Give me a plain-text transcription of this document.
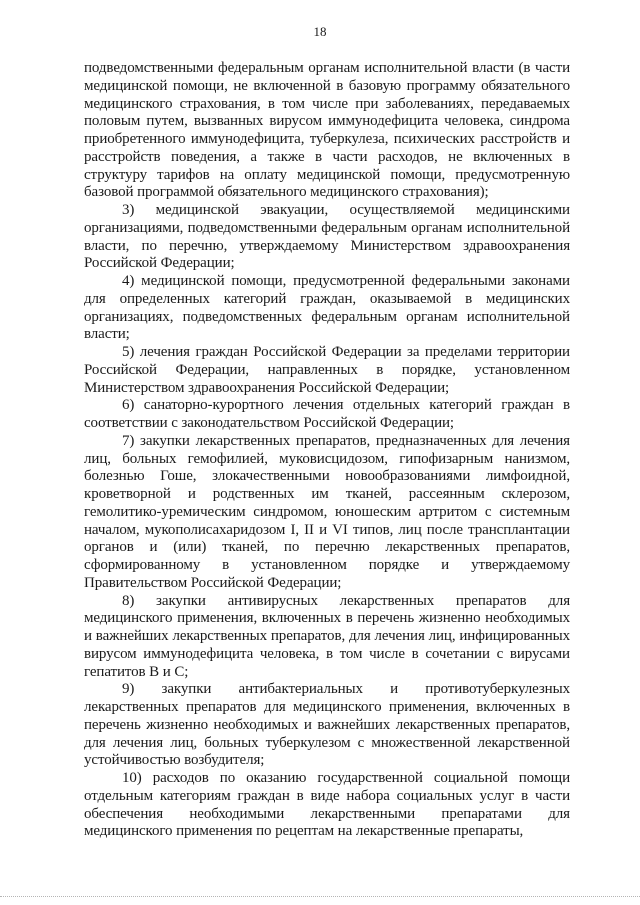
18

подведомственными федеральным органам исполнительной власти (в части медицинской помощи, не включенной в базовую программу обязательного медицинского страхования, в том числе при заболеваниях, передаваемых половым путем, вызванных вирусом иммунодефицита человека, синдрома приобретенного иммунодефицита, туберкулеза, психических расстройств и расстройств поведения, а также в части расходов, не включенных в структуру тарифов на оплату медицинской помощи, предусмотренную базовой программой обязательного медицинского страхования);

3) медицинской эвакуации, осуществляемой медицинскими организациями, подведомственными федеральным органам исполнительной власти, по перечню, утверждаемому Министерством здравоохранения Российской Федерации;

4) медицинской помощи, предусмотренной федеральными законами для определенных категорий граждан, оказываемой в медицинских организациях, подведомственных федеральным органам исполнительной власти;

5) лечения граждан Российской Федерации за пределами территории Российской Федерации, направленных в порядке, установленном Министерством здравоохранения Российской Федерации;

6) санаторно-курортного лечения отдельных категорий граждан в соответствии с законодательством Российской Федерации;

7) закупки лекарственных препаратов, предназначенных для лечения лиц, больных гемофилией, муковисцидозом, гипофизарным нанизмом, болезнью Гоше, злокачественными новообразованиями лимфоидной, кроветворной и родственных им тканей, рассеянным склерозом, гемолитико-уремическим синдромом, юношеским артритом с системным началом, мукополисахаридозом I, II и VI типов, лиц после трансплантации органов и (или) тканей, по перечню лекарственных препаратов, сформированному в установленном порядке и утверждаемому Правительством Российской Федерации;

8) закупки антивирусных лекарственных препаратов для медицинского применения, включенных в перечень жизненно необходимых и важнейших лекарственных препаратов, для лечения лиц, инфицированных вирусом иммунодефицита человека, в том числе в сочетании с вирусами гепатитов В и С;

9) закупки антибактериальных и противотуберкулезных лекарственных препаратов для медицинского применения, включенных в перечень жизненно необходимых и важнейших лекарственных препаратов, для лечения лиц, больных туберкулезом с множественной лекарственной устойчивостью возбудителя;

10) расходов по оказанию государственной социальной помощи отдельным категориям граждан в виде набора социальных услуг в части обеспечения необходимыми лекарственными препаратами для медицинского применения по рецептам на лекарственные препараты,
